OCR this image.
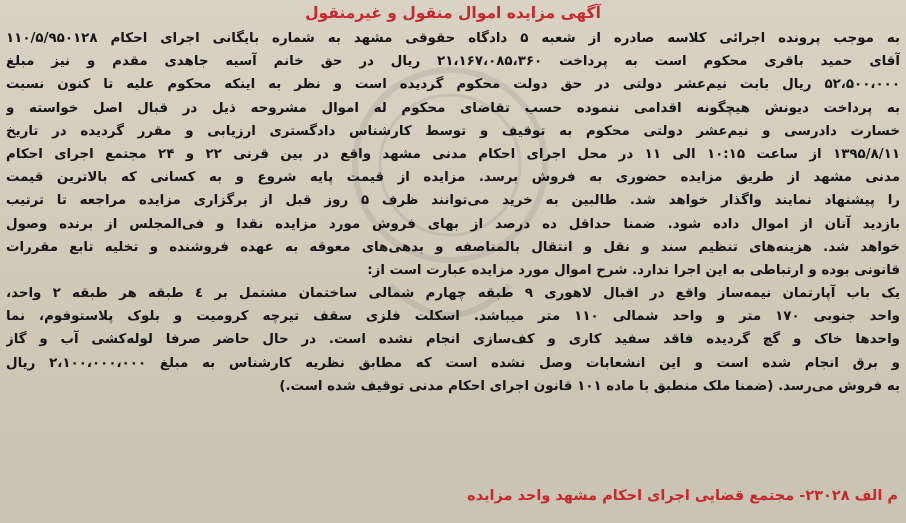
آگهی مزایده اموال منقول و غیرمنقول
به موجب پرونده اجرائی کلاسه صادره از شعبه ۵ دادگاه حقوقی مشهد به شماره بایگانی اجرای احکام ۱۱۰/۵/۹۵۰۱۲۸
آقای حمید باقری محکوم است به پرداخت ۲۱،۱۶۷،۰۸۵،۳۶۰ ریال در حق خانم آسیه جاهدی مقدم و نیز مبلغ
۵۲،۵۰۰،۰۰۰ ریال بابت نیم‌عشر دولتی در حق دولت محکوم گردیده است و نظر به اینکه محکوم علیه تا کنون نسبت
به پرداخت دیونش هیچگونه اقدامی ننموده حسب تقاضای محکوم له اموال مشروحه ذیل در قبال اصل خواسته و
خسارت دادرسی و نیم‌عشر دولتی محکوم به توقیف و توسط کارشناس دادگستری ارزیابی و مقرر گردیده در تاریخ
۱۳۹۵/۸/۱۱ از ساعت ۱۰:۱۵ الی ۱۱ در محل اجرای احکام مدنی مشهد واقع در بین قرنی ۲۲ و ۲۴ مجتمع اجرای احکام
مدنی مشهد از طریق مزایده حضوری به فروش برسد. مزایده از قیمت پایه شروع و به کسانی که بالاترین قیمت
را پیشنهاد نمایند واگذار خواهد شد. طالبین به خرید می‌توانند ظرف ۵ روز قبل از برگزاری مزایده مراجعه تا ترتیب
بازدید آنان از اموال داده شود. ضمنا حداقل ده درصد از بهای فروش مورد مزایده نقدا و فی‌المجلس از برنده وصول
خواهد شد. هزینه‌های تنظیم سند و نقل و انتقال بالمناصفه و بدهی‌های معوقه به عهده فروشنده و تخلیه تابع مقررات
قانونی بوده و ارتباطی به این اجرا ندارد. شرح اموال مورد مزایده عبارت است از:
یک باب آپارتمان نیمه‌ساز واقع در اقبال لاهوری ۹ طبقه چهارم شمالی ساختمان مشتمل بر ٤ طبقه هر طبقه ۲ واحد،
واحد جنوبی ۱۷۰ متر و واحد شمالی ۱۱۰ متر میباشد. اسکلت فلزی سقف تیرچه کرومیت و بلوک پلاستوفوم، نما
واحدها خاک و گچ گردیده فاقد سفید کاری و کف‌سازی انجام نشده است. در حال حاضر صرفا لوله‌کشی آب و گاز
و برق انجام شده است و این انشعابات وصل نشده است که مطابق نظریه کارشناس به مبلغ ۲،۱۰۰،۰۰۰،۰۰۰ ریال
به فروش می‌رسد. (ضمنا ملک منطبق با ماده ۱۰۱ قانون اجرای احکام مدنی توقیف شده است.)
م الف ۲۳۰۲۸- مجتمع قضایی اجرای احکام مشهد واحد مزایده
